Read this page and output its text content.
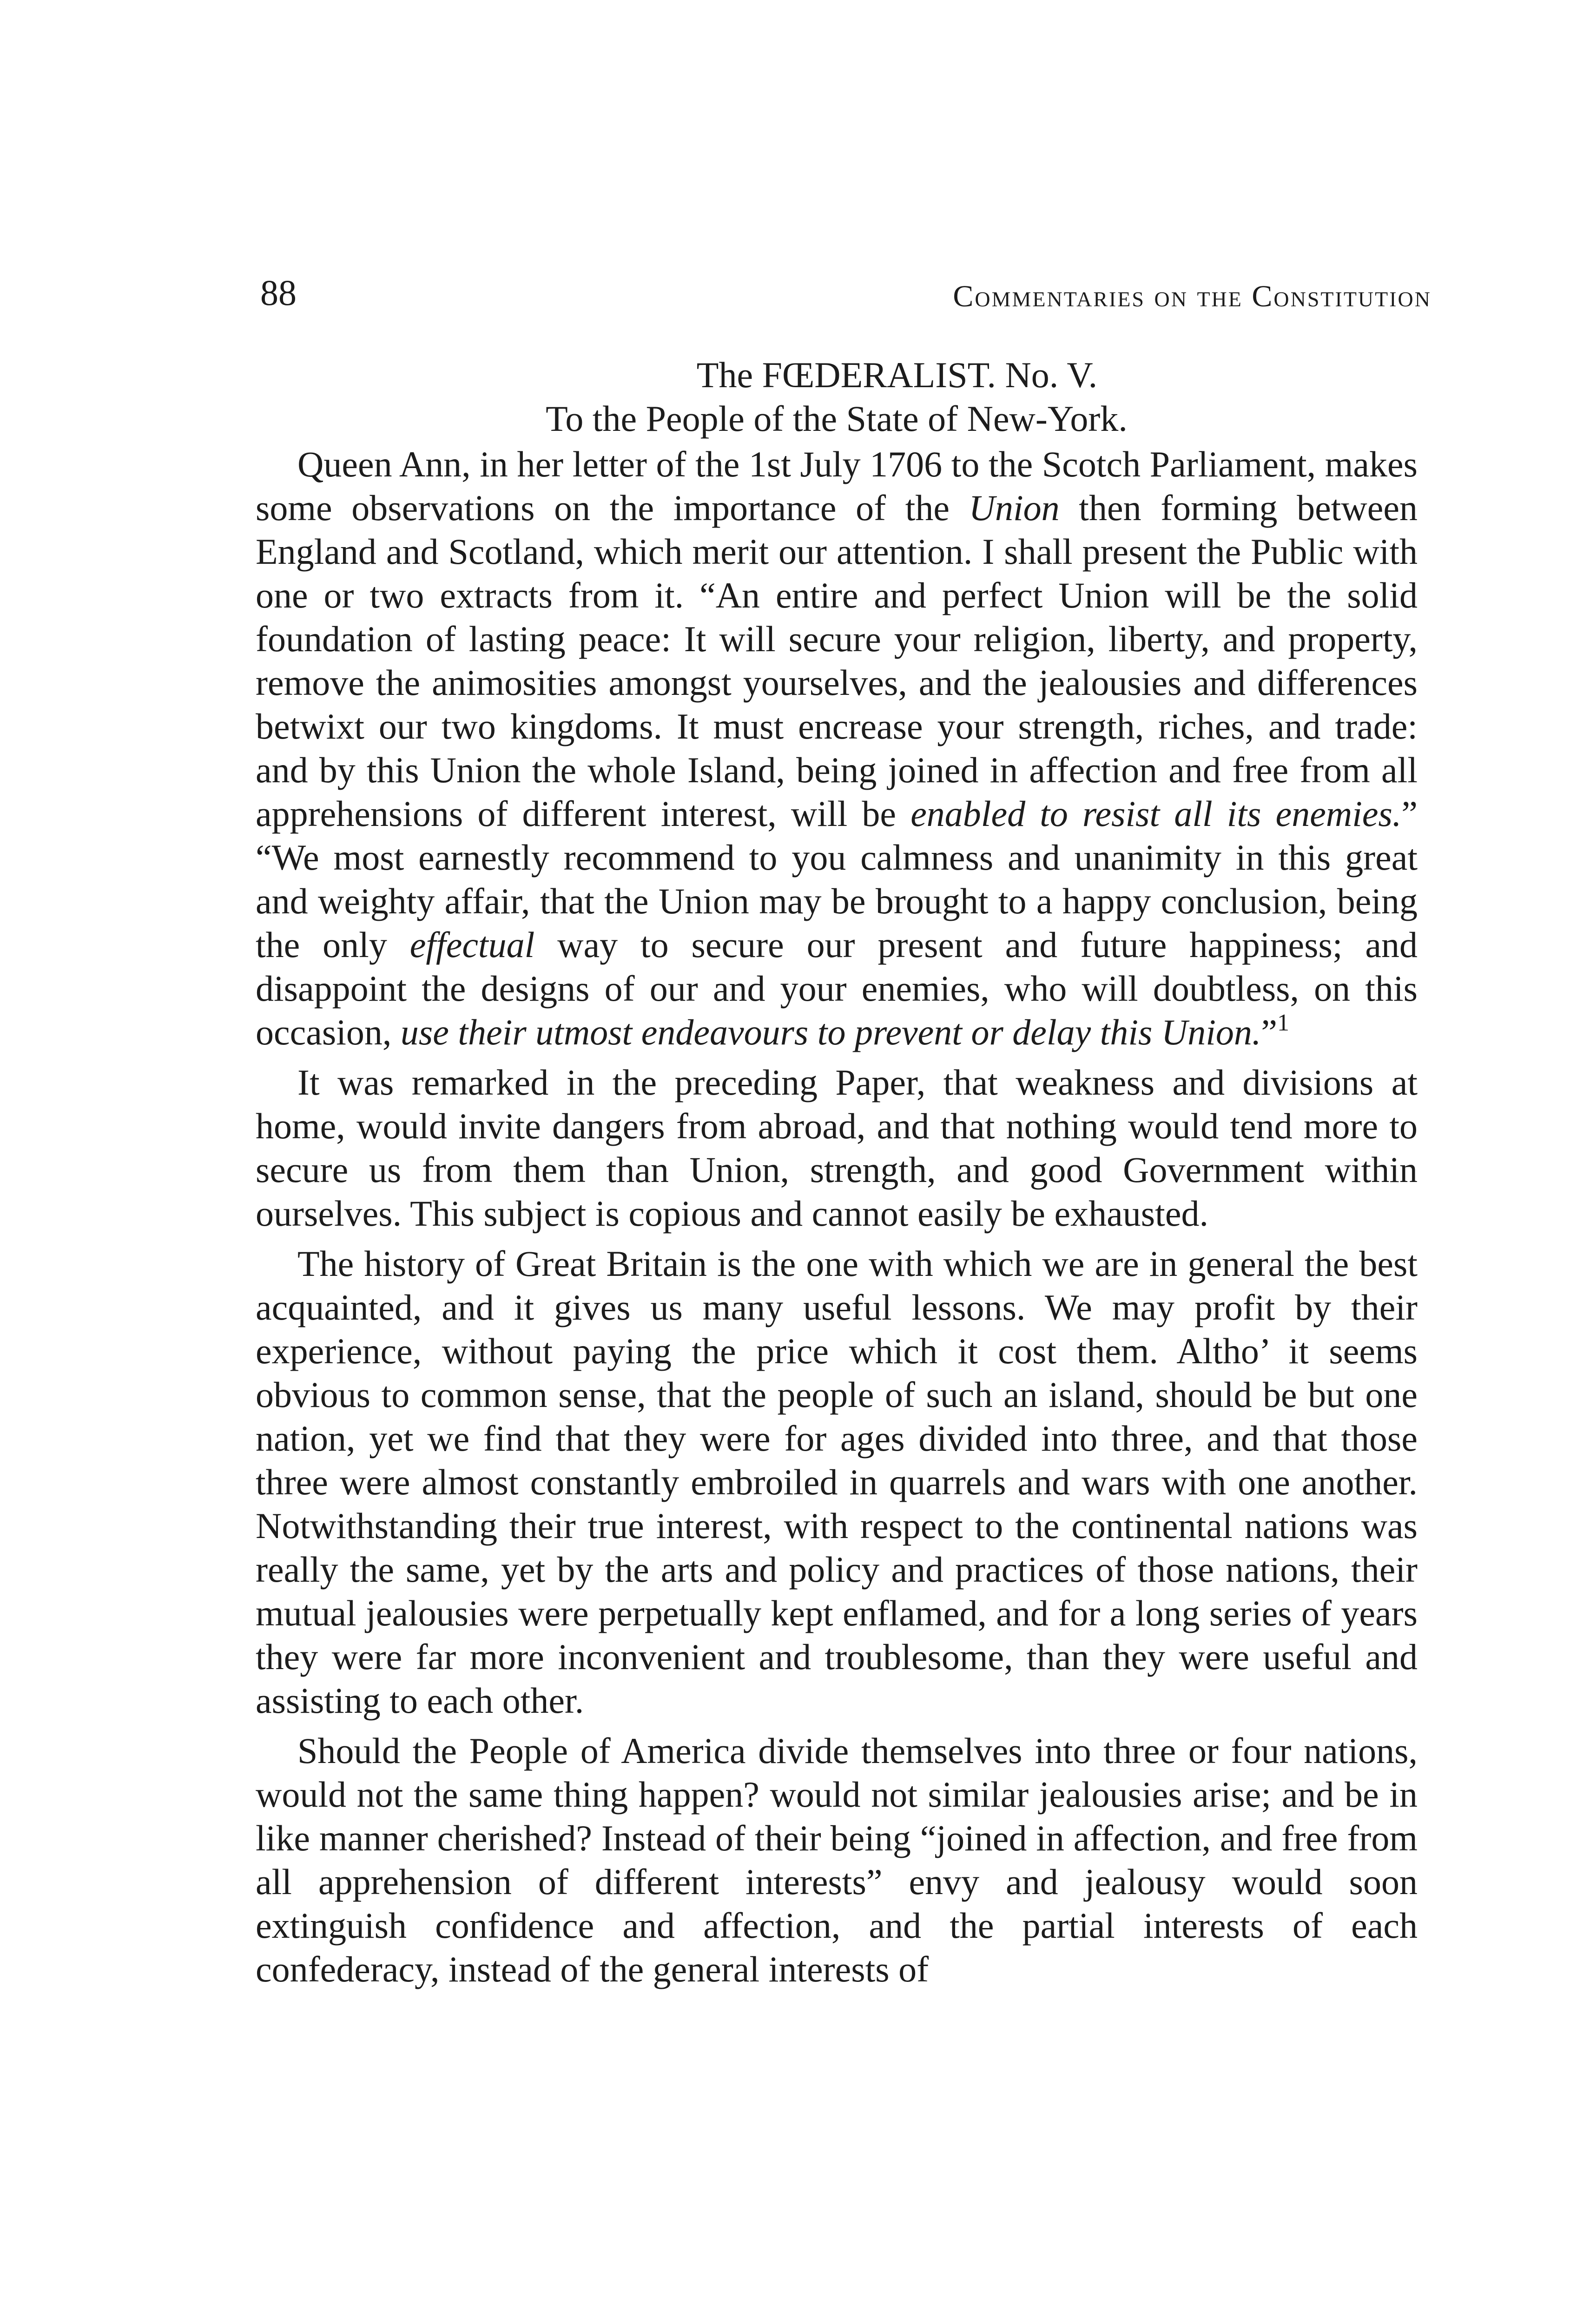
88	Commentaries on the Constitution

The FŒDERALIST. No. V.

To the People of the State of New-York.

Queen Ann, in her letter of the 1st July 1706 to the Scotch Parliament, makes some observations on the importance of the Union then forming between England and Scotland, which merit our attention. I shall present the Public with one or two extracts from it. “An entire and perfect Union will be the solid foundation of lasting peace: It will secure your religion, liberty, and property, remove the animosities amongst yourselves, and the jealousies and differences betwixt our two kingdoms. It must encrease your strength, riches, and trade: and by this Union the whole Island, being joined in affection and free from all apprehensions of different interest, will be enabled to resist all its enemies.” “We most earnestly recommend to you calmness and unanimity in this great and weighty affair, that the Union may be brought to a happy conclusion, being the only effectual way to secure our present and future happiness; and disappoint the designs of our and your enemies, who will doubtless, on this occasion, use their utmost endeavours to prevent or delay this Union.”$^1$

It was remarked in the preceding Paper, that weakness and divisions at home, would invite dangers from abroad, and that nothing would tend more to secure us from them than Union, strength, and good Government within ourselves. This subject is copious and cannot easily be exhausted.

The history of Great Britain is the one with which we are in general the best acquainted, and it gives us many useful lessons. We may profit by their experience, without paying the price which it cost them. Altho’ it seems obvious to common sense, that the people of such an island, should be but one nation, yet we find that they were for ages divided into three, and that those three were almost constantly embroiled in quarrels and wars with one another. Notwithstanding their true interest, with respect to the continental nations was really the same, yet by the arts and policy and practices of those nations, their mutual jealousies were perpetually kept enflamed, and for a long series of years they were far more inconvenient and troublesome, than they were useful and assisting to each other.

Should the People of America divide themselves into three or four nations, would not the same thing happen? would not similar jealousies arise; and be in like manner cherished? Instead of their being “joined in affection, and free from all apprehension of different interests” envy and jealousy would soon extinguish confidence and affection, and the partial interests of each confederacy, instead of the general interests of
